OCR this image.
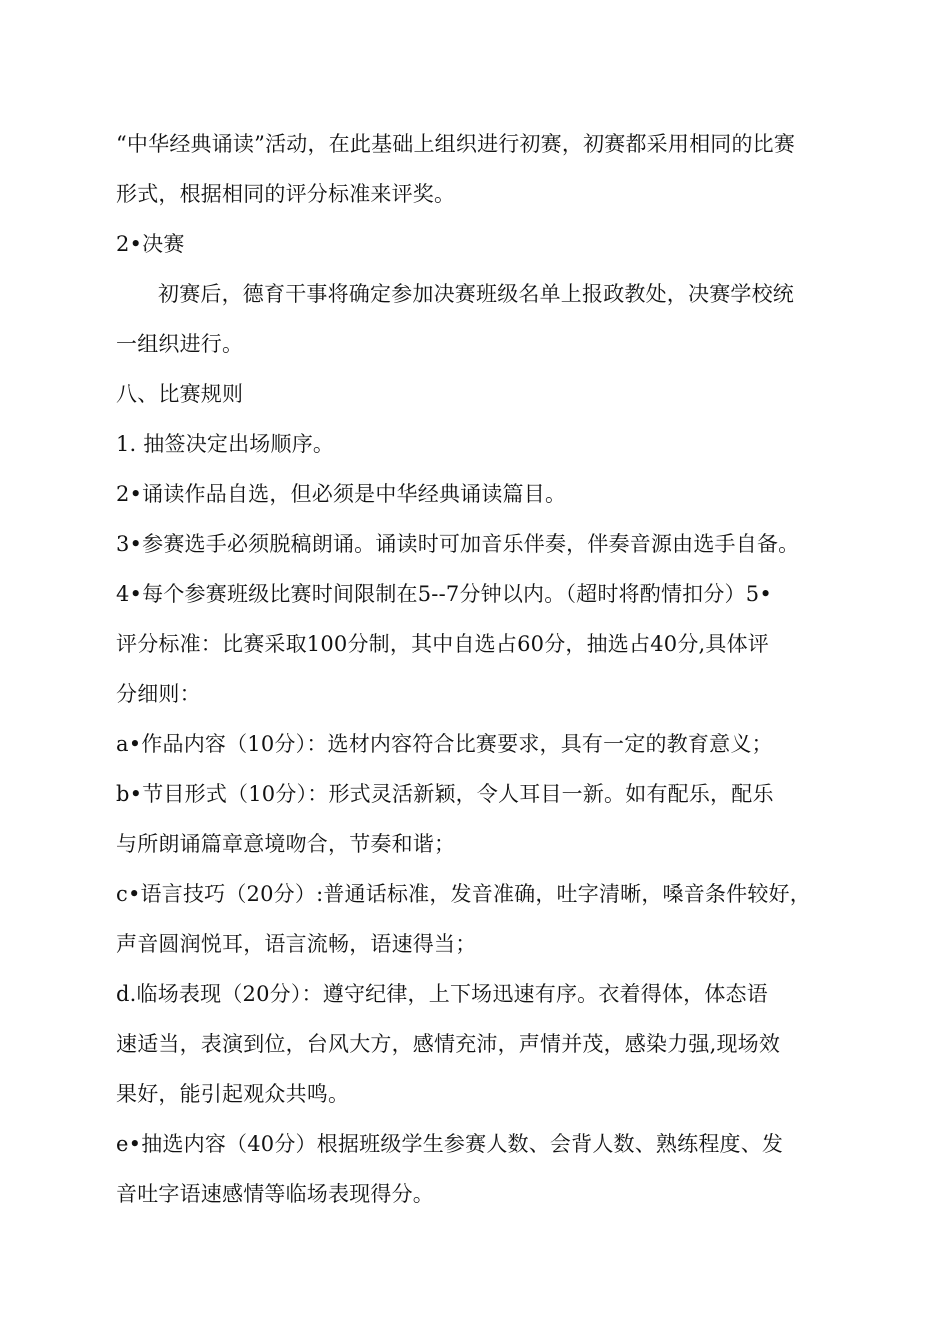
“中华经典诵读”活动，在此基础上组织进行初赛，初赛都采用相同的比赛
形式，根据相同的评分标准来评奖。
2•决赛
初赛后，德育干事将确定参加决赛班级名单上报政教处，决赛学校统
一组织进行。
八、比赛规则
1. 抽签决定出场顺序。
2•诵读作品自选，但必须是中华经典诵读篇目。
3•参赛选手必须脱稿朗诵。诵读时可加音乐伴奏，伴奏音源由选手自备。
4•每个参赛班级比赛时间限制在5--7分钟以内。（超时将酌情扣分）5•
评分标准：比赛采取100分制，其中自选占60分，抽选占40分,具体评
分细则：
a•作品内容（10分）：选材内容符合比赛要求，具有一定的教育意义；
b•节目形式（10分）：形式灵活新颖，令人耳目一新。如有配乐，配乐
与所朗诵篇章意境吻合，节奏和谐；
c•语言技巧（20分）:普通话标准，发音准确，吐字清晰，嗓音条件较好，
声音圆润悦耳，语言流畅，语速得当；
d.临场表现（20分）：遵守纪律，上下场迅速有序。衣着得体，体态语
速适当，表演到位，台风大方，感情充沛，声情并茂，感染力强,现场效
果好，能引起观众共鸣。
e•抽选内容（40分）根据班级学生参赛人数、会背人数、熟练程度、发
音吐字语速感情等临场表现得分。
